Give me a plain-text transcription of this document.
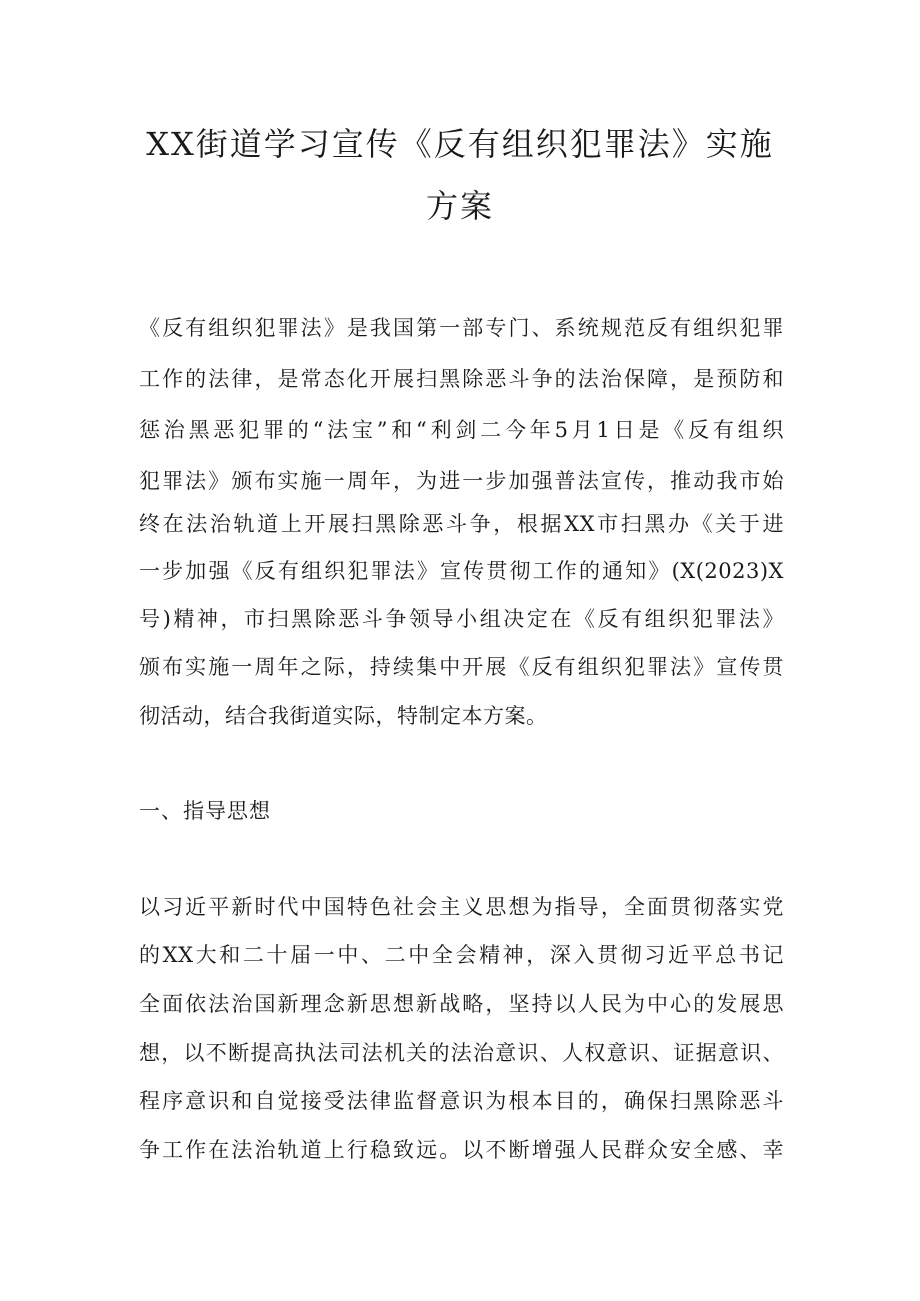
XX街道学习宣传《反有组织犯罪法》实施
方案

《反有组织犯罪法》是我国第一部专门、系统规范反有组织犯罪

工作的法律，是常态化开展扫黑除恶斗争的法治保障，是预防和

惩治黑恶犯罪的“法宝”和“利剑二今年5月1日是《反有组织

犯罪法》颁布实施一周年，为进一步加强普法宣传，推动我市始

终在法治轨道上开展扫黑除恶斗争，根据XX市扫黑办《关于进

一步加强《反有组织犯罪法》宣传贯彻工作的通知》(X(2023)X

号)精神，市扫黑除恶斗争领导小组决定在《反有组织犯罪法》

颁布实施一周年之际，持续集中开展《反有组织犯罪法》宣传贯

彻活动，结合我街道实际，特制定本方案。

一、指导思想

以习近平新时代中国特色社会主义思想为指导，全面贯彻落实党

的XX大和二十届一中、二中全会精神，深入贯彻习近平总书记

全面依法治国新理念新思想新战略，坚持以人民为中心的发展思

想，以不断提高执法司法机关的法治意识、人权意识、证据意识、

程序意识和自觉接受法律监督意识为根本目的，确保扫黑除恶斗

争工作在法治轨道上行稳致远。以不断增强人民群众安全感、幸
